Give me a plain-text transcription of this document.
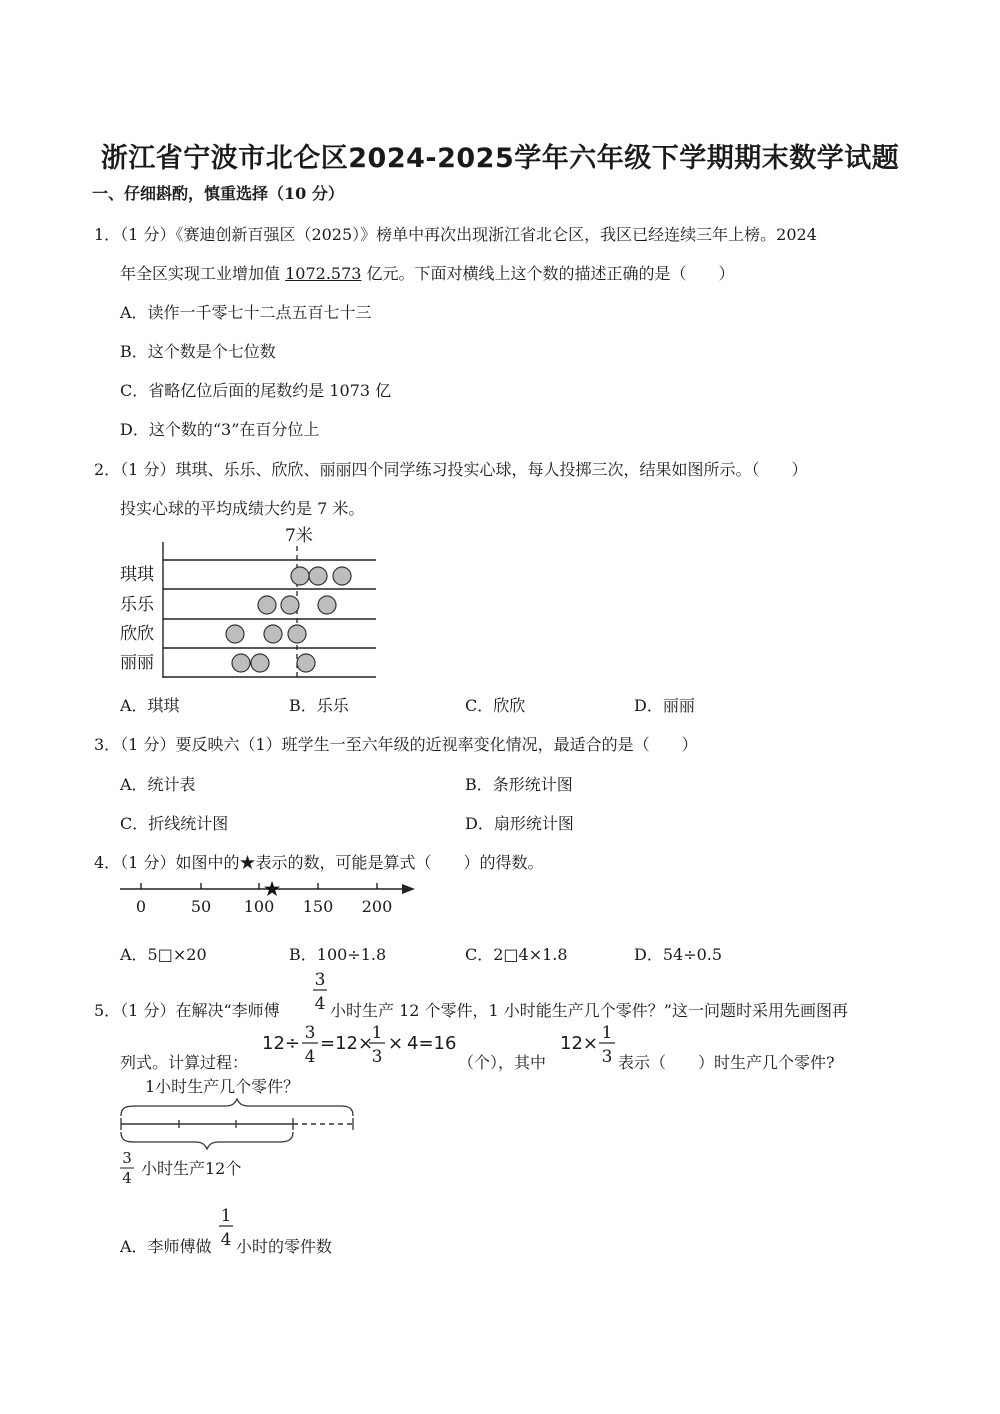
浙江省宁波市北仑区2024-2025学年六年级下学期期末数学试题
一、仔细斟酌，慎重选择（10 分）
1．（1 分）《赛迪创新百强区（2025）》榜单中再次出现浙江省北仑区，我区已经连续三年上榜。2024
年全区实现工业增加值 1072.573 亿元。下面对横线上这个数的描述正确的是（　　）
A．读作一千零七十二点五百七十三
B．这个数是个七位数
C．省略亿位后面的尾数约是 1073 亿
D．这个数的“3”在百分位上
2．（1 分）琪琪、乐乐、欣欣、丽丽四个同学练习投实心球，每人投掷三次，结果如图所示。（　　）
投实心球的平均成绩大约是 7 米。
7米
琪琪
乐乐
欣欣
丽丽
A．琪琪	B．乐乐	C．欣欣	D．丽丽
3．（1 分）要反映六（1）班学生一至六年级的近视率变化情况，最适合的是（　　）
A．统计表	B．条形统计图
C．折线统计图	D．扇形统计图
4．（1 分）如图中的★表示的数，可能是算式（　　）的得数。
★
0	50 100 150 200
A．5□×20	B．100÷1.8	C．2□4×1.8	D．54÷0.5
5．（1 分）在解决“李师傅
3
4 小时生产 12 个零件，1 小时能生产几个零件？”这一问题时采用先画图再
列式。计算过程：
12÷ 3
4
=12×
1
3
× 4=16
（个），其中
12× 1
3 表示（　　）时生产几个零件?
1小时生产几个零件？
3
4 小时生产12个
A．李师傅做
1
4 小时的零件数
